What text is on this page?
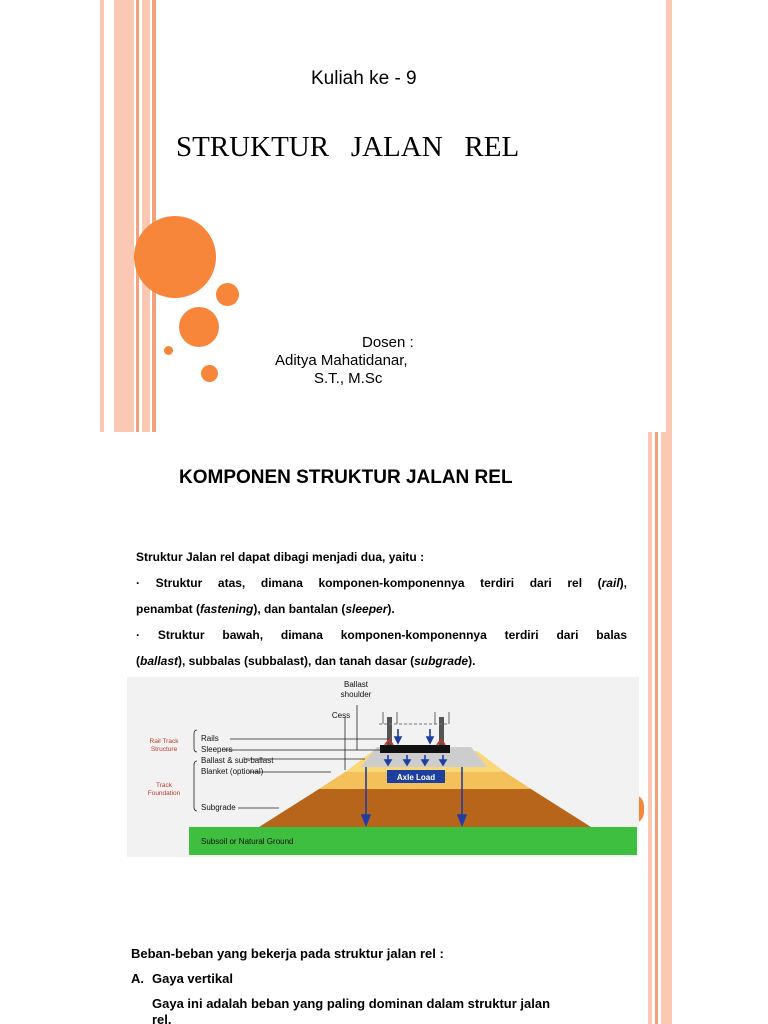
Kuliah ke - 9
STRUKTUR   JALAN   REL
Dosen :
Aditya Mahatidanar,
S.T., M.Sc
KOMPONEN STRUKTUR JALAN REL

Struktur Jalan rel dapat dibagi menjadi dua, yaitu :

· Struktur atas, dimana komponen-komponennya terdiri dari rel (rail),

penambat (fastening), dan bantalan (sleeper).

· Struktur bawah, dimana komponen-komponennya terdiri dari balas

(ballast), subbalas (subbalast), dan tanah dasar (subgrade).

Axle Load
Ballast
shoulder
Cess
Rails
Sleepers
Ballast & sub-ballast
Blanket (optional)
Subgrade
Subsoil or Natural Ground
Rail Track
Structure
Track
Foundation
Beban-beban yang bekerja pada struktur jalan rel :
A. Gaya vertikal
Gaya ini adalah beban yang paling dominan dalam struktur jalan
rel.
